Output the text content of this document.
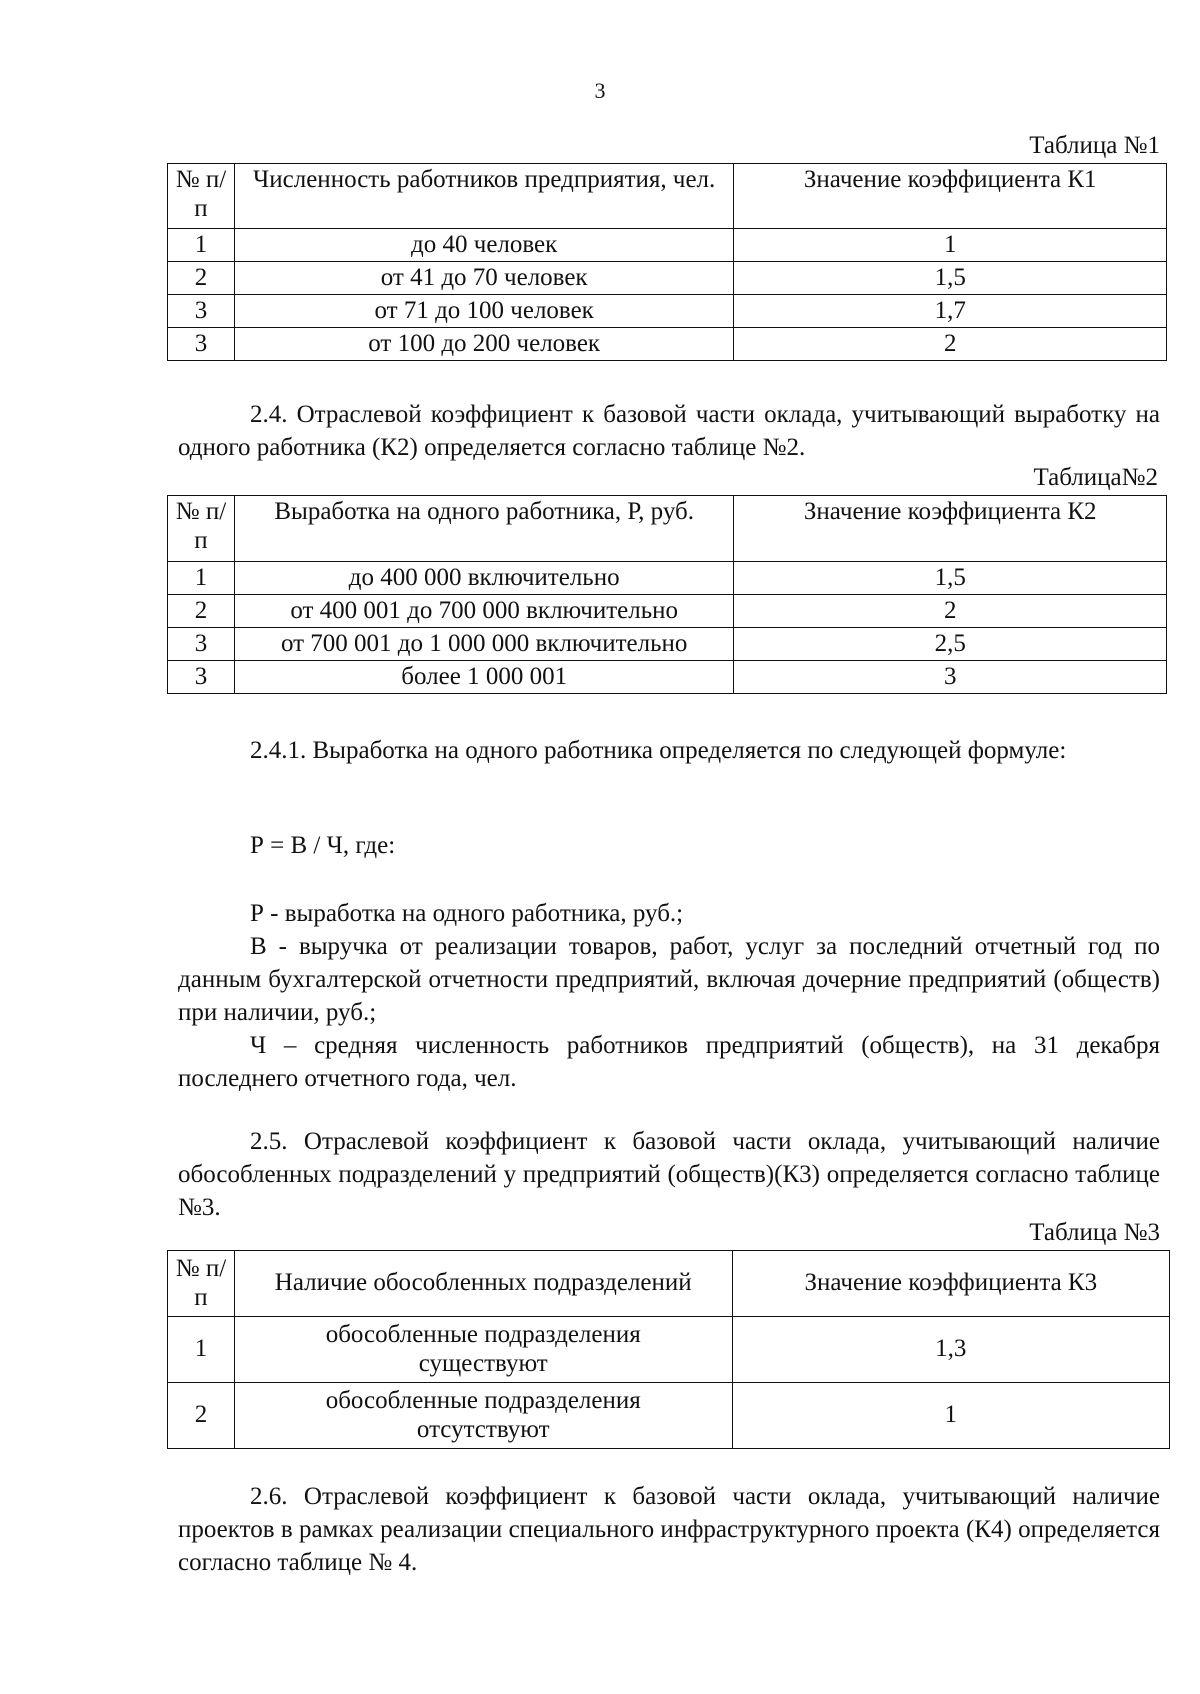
3
Таблица №1
№ п/п	Численность работников предприятия, чел.	Значение коэффициента К1
1	до 40 человек	1
2	от 41 до 70 человек	1,5
3	от 71 до 100 человек	1,7
3	от 100 до 200 человек	2
2.4. Отраслевой коэффициент к базовой части оклада, учитывающий выработку на одного работника (К2) определяется согласно таблице №2.
Таблица№2
№ п/п	Выработка на одного работника, Р, руб.	Значение коэффициента К2
1	до 400 000 включительно	1,5
2	от 400 001 до 700 000 включительно	2
3	от 700 001 до 1 000 000 включительно	2,5
3	более 1 000 001	3
2.4.1. Выработка на одного работника определяется по следующей формуле:
Р = В / Ч, где:
Р - выработка на одного работника, руб.;
В - выручка от реализации товаров, работ, услуг за последний отчетный год по данным бухгалтерской отчетности предприятий, включая дочерние предприятий (обществ) при наличии, руб.;
Ч – средняя численность работников предприятий (обществ), на 31 декабря последнего отчетного года, чел.
2.5. Отраслевой коэффициент к базовой части оклада, учитывающий наличие обособленных подразделений у предприятий (обществ)(К3) определяется согласно таблице №3.
Таблица №3
№ п/п	Наличие обособленных подразделений	Значение коэффициента К3
1	обособленные подразделения существуют	1,3
2	обособленные подразделения отсутствуют	1
2.6. Отраслевой коэффициент к базовой части оклада, учитывающий наличие проектов в рамках реализации специального инфраструктурного проекта (К4) определяется согласно таблице № 4.
